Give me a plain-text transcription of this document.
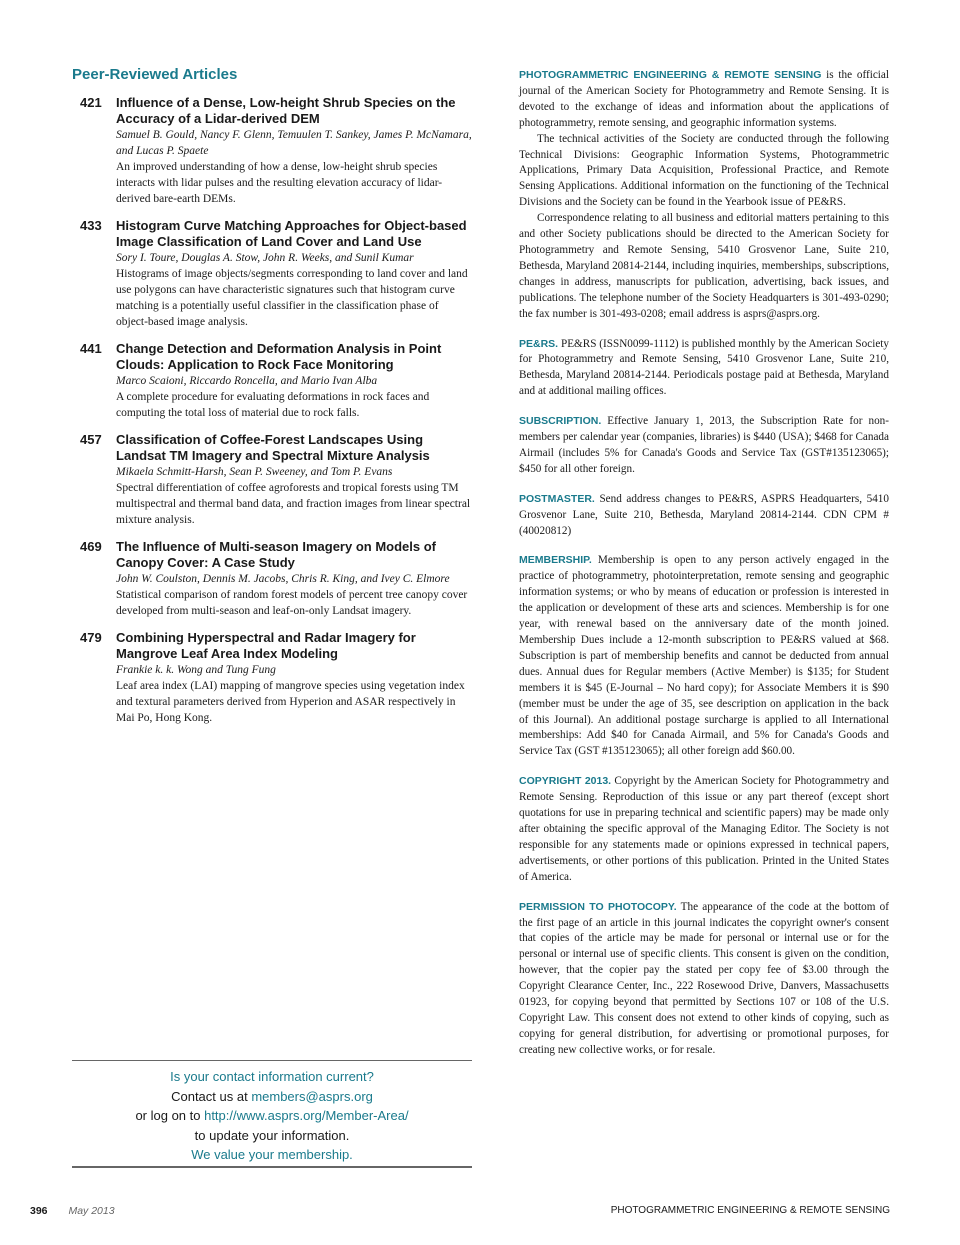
Peer-Reviewed Articles
421 Influence of a Dense, Low-height Shrub Species on the Accuracy of a Lidar-derived DEM
Samuel B. Gould, Nancy F. Glenn, Temuulen T. Sankey, James P. McNamara, and Lucas P. Spaete
An improved understanding of how a dense, low-height shrub species interacts with lidar pulses and the resulting elevation accuracy of lidar-derived bare-earth DEMs.
433 Histogram Curve Matching Approaches for Object-based Image Classification of Land Cover and Land Use
Sory I. Toure, Douglas A. Stow, John R. Weeks, and Sunil Kumar
Histograms of image objects/segments corresponding to land cover and land use polygons can have characteristic signatures such that histogram curve matching is a potentially useful classifier in the classification phase of object-based image analysis.
441 Change Detection and Deformation Analysis in Point Clouds: Application to Rock Face Monitoring
Marco Scaioni, Riccardo Roncella, and Mario Ivan Alba
A complete procedure for evaluating deformations in rock faces and computing the total loss of material due to rock falls.
457 Classification of Coffee-Forest Landscapes Using Landsat TM Imagery and Spectral Mixture Analysis
Mikaela Schmitt-Harsh, Sean P. Sweeney, and Tom P. Evans
Spectral differentiation of coffee agroforests and tropical forests using TM multispectral and thermal band data, and fraction images from linear spectral mixture analysis.
469 The Influence of Multi-season Imagery on Models of Canopy Cover: A Case Study
John W. Coulston, Dennis M. Jacobs, Chris R. King, and Ivey C. Elmore
Statistical comparison of random forest models of percent tree canopy cover developed from multi-season and leaf-on-only Landsat imagery.
479 Combining Hyperspectral and Radar Imagery for Mangrove Leaf Area Index Modeling
Frankie k. k. Wong and Tung Fung
Leaf area index (LAI) mapping of mangrove species using vegetation index and textural parameters derived from Hyperion and ASAR respectively in Mai Po, Hong Kong.
Is your contact information current?
Contact us at members@asprs.org
or log on to http://www.asprs.org/Member-Area/
to update your information.
We value your membership.

PHOTOGRAMMETRIC ENGINEERING & REMOTE SENSING is the official journal of the American Society for Photogrammetry and Remote Sensing. It is devoted to the exchange of ideas and information about the applications of photogrammetry, remote sensing, and geographic information systems.

The technical activities of the Society are conducted through the following Technical Divisions: Geographic Information Systems, Photogrammetric Applications, Primary Data Acquisition, Professional Practice, and Remote Sensing Applications. Additional information on the functioning of the Technical Divisions and the Society can be found in the Yearbook issue of PE&RS.

Correspondence relating to all business and editorial matters pertaining to this and other Society publications should be directed to the American Society for Photogrammetry and Remote Sensing, 5410 Grosvenor Lane, Suite 210, Bethesda, Maryland 20814-2144, including inquiries, memberships, subscriptions, changes in address, manuscripts for publication, advertising, back issues, and publications. The telephone number of the Society Headquarters is 301-493-0290; the fax number is 301-493-0208; email address is asprs@asprs.org.

PE&RS. PE&RS (ISSN0099-1112) is published monthly by the American Society for Photogrammetry and Remote Sensing, 5410 Grosvenor Lane, Suite 210, Bethesda, Maryland 20814-2144. Periodicals postage paid at Bethesda, Maryland and at additional mailing offices.

SUBSCRIPTION. Effective January 1, 2013, the Subscription Rate for non-members per calendar year (companies, libraries) is $440 (USA); $468 for Canada Airmail (includes 5% for Canada's Goods and Service Tax (GST#135123065); $450 for all other foreign.

POSTMASTER. Send address changes to PE&RS, ASPRS Headquarters, 5410 Grosvenor Lane, Suite 210, Bethesda, Maryland 20814-2144. CDN CPM #(40020812)

MEMBERSHIP. Membership is open to any person actively engaged in the practice of photogrammetry, photointerpretation, remote sensing and geographic information systems; or who by means of education or profession is interested in the application or development of these arts and sciences. Membership is for one year, with renewal based on the anniversary date of the month joined. Membership Dues include a 12-month subscription to PE&RS valued at $68. Subscription is part of membership benefits and cannot be deducted from annual dues. Annual dues for Regular members (Active Member) is $135; for Student members it is $45 (E-Journal – No hard copy); for Associate Members it is $90 (member must be under the age of 35, see description on application in the back of this Journal). An additional postage surcharge is applied to all International memberships: Add $40 for Canada Airmail, and 5% for Canada's Goods and Service Tax (GST #135123065); all other foreign add $60.00.

COPYRIGHT 2013. Copyright by the American Society for Photogrammetry and Remote Sensing. Reproduction of this issue or any part thereof (except short quotations for use in preparing technical and scientific papers) may be made only after obtaining the specific approval of the Managing Editor. The Society is not responsible for any statements made or opinions expressed in technical papers, advertisements, or other portions of this publication. Printed in the United States of America.

PERMISSION TO PHOTOCOPY. The appearance of the code at the bottom of the first page of an article in this journal indicates the copyright owner's consent that copies of the article may be made for personal or internal use or for the personal or internal use of specific clients. This consent is given on the condition, however, that the copier pay the stated per copy fee of $3.00 through the Copyright Clearance Center, Inc., 222 Rosewood Drive, Danvers, Massachusetts 01923, for copying beyond that permitted by Sections 107 or 108 of the U.S. Copyright Law. This consent does not extend to other kinds of copying, such as copying for general distribution, for advertising or promotional purposes, for creating new collective works, or for resale.

396 May 2013	PHOTOGRAMMETRIC ENGINEERING & REMOTE SENSING
